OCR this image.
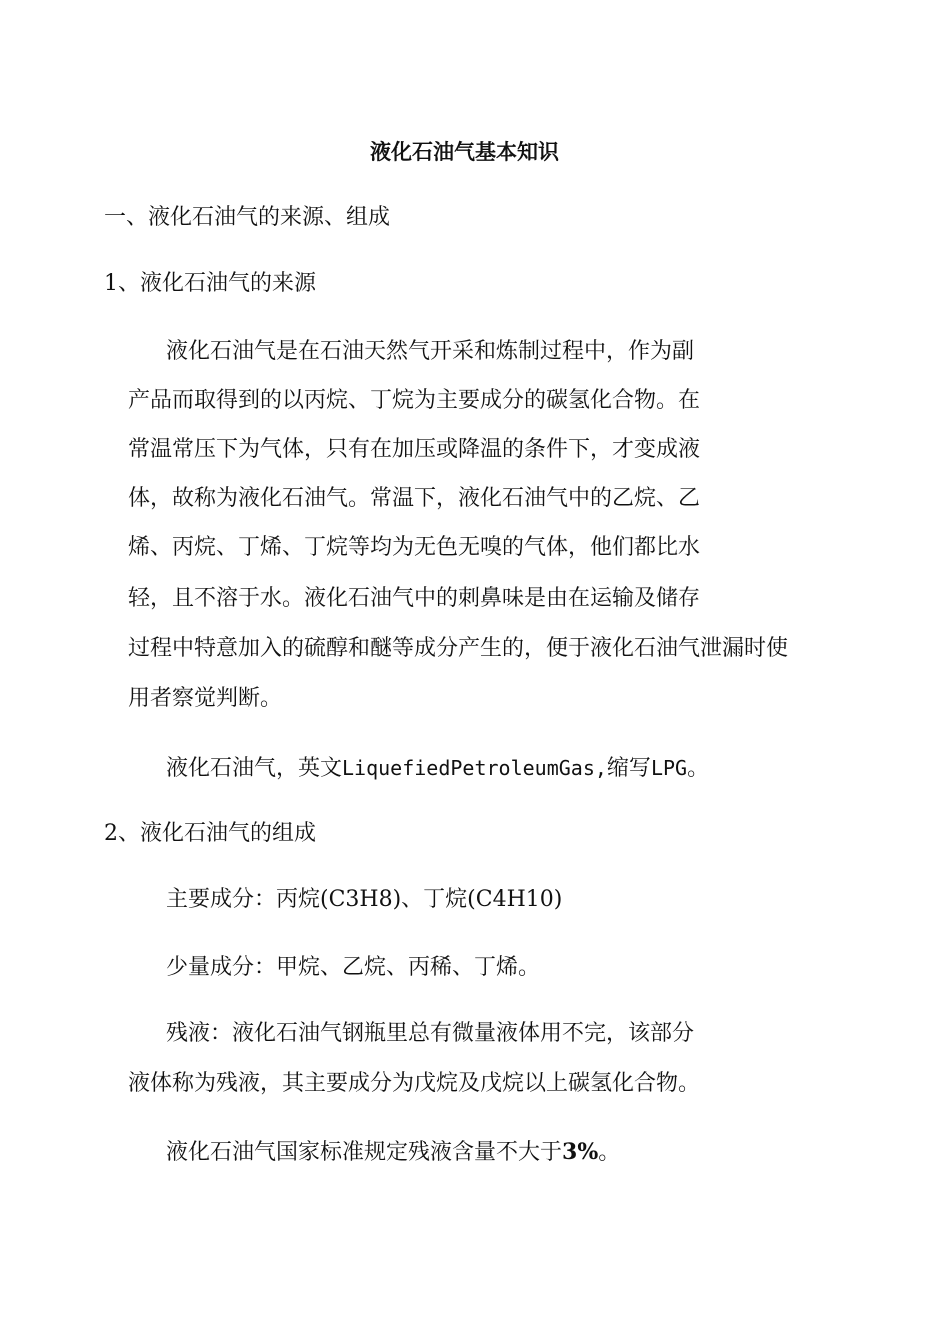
液化石油气基本知识

一、液化石油气的来源、组成

1、液化石油气的来源

液化石油气是在石油天然气开采和炼制过程中，作为副

产品而取得到的以丙烷、丁烷为主要成分的碳氢化合物。在

常温常压下为气体，只有在加压或降温的条件下，才变成液

体，故称为液化石油气。常温下，液化石油气中的乙烷、乙

烯、丙烷、丁烯、丁烷等均为无色无嗅的气体，他们都比水

轻，且不溶于水。液化石油气中的刺鼻味是由在运输及储存

过程中特意加入的硫醇和醚等成分产生的，便于液化石油气泄漏时使

用者察觉判断。

液化石油气，英文LiquefiedPetroleumGas,缩写LPG。

2、液化石油气的组成

主要成分：丙烷(C3H8)、丁烷(C4H10)

少量成分：甲烷、乙烷、丙稀、丁烯。

残液：液化石油气钢瓶里总有微量液体用不完，该部分

液体称为残液，其主要成分为戊烷及戊烷以上碳氢化合物。

液化石油气国家标准规定残液含量不大于3%。
